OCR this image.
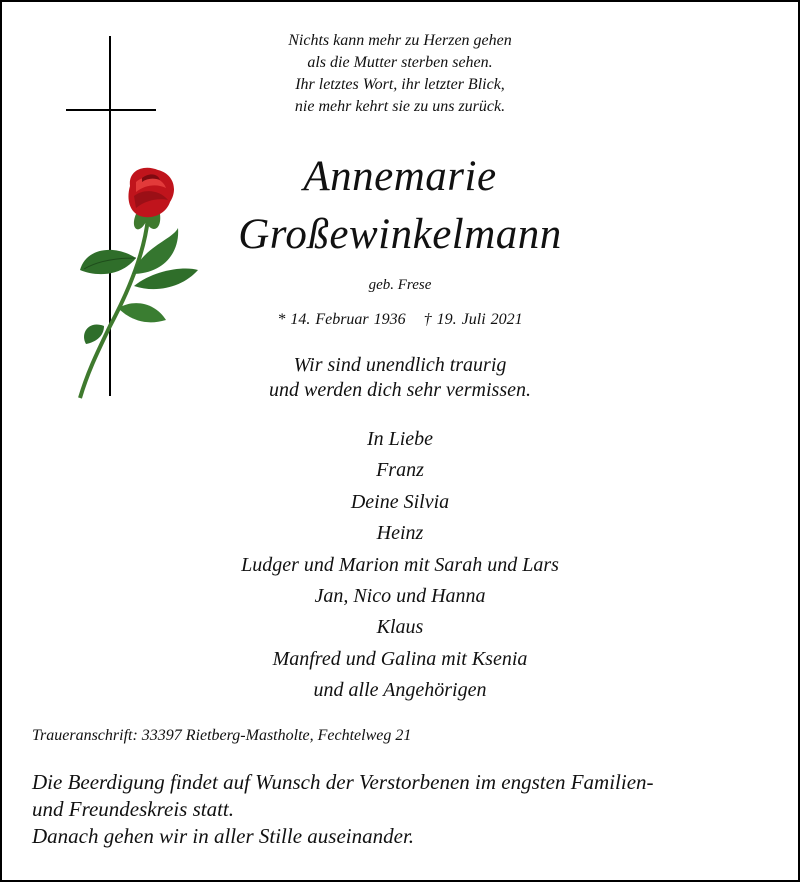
Nichts kann mehr zu Herzen gehen
als die Mutter sterben sehen.
Ihr letztes Wort, ihr letzter Blick,
nie mehr kehrt sie zu uns zurück.
Annemarie
Großewinkelmann
geb. Frese
* 14. Februar 1936 † 19. Juli 2021
Wir sind unendlich traurig
und werden dich sehr vermissen.
In Liebe
Franz
Deine Silvia
Heinz
Ludger und Marion mit Sarah und Lars
Jan, Nico und Hanna
Klaus
Manfred und Galina mit Ksenia
und alle Angehörigen
Traueranschrift: 33397 Rietberg-Mastholte, Fechtelweg 21
Die Beerdigung findet auf Wunsch der Verstorbenen im engsten Familien-
und Freundeskreis statt.
Danach gehen wir in aller Stille auseinander.
